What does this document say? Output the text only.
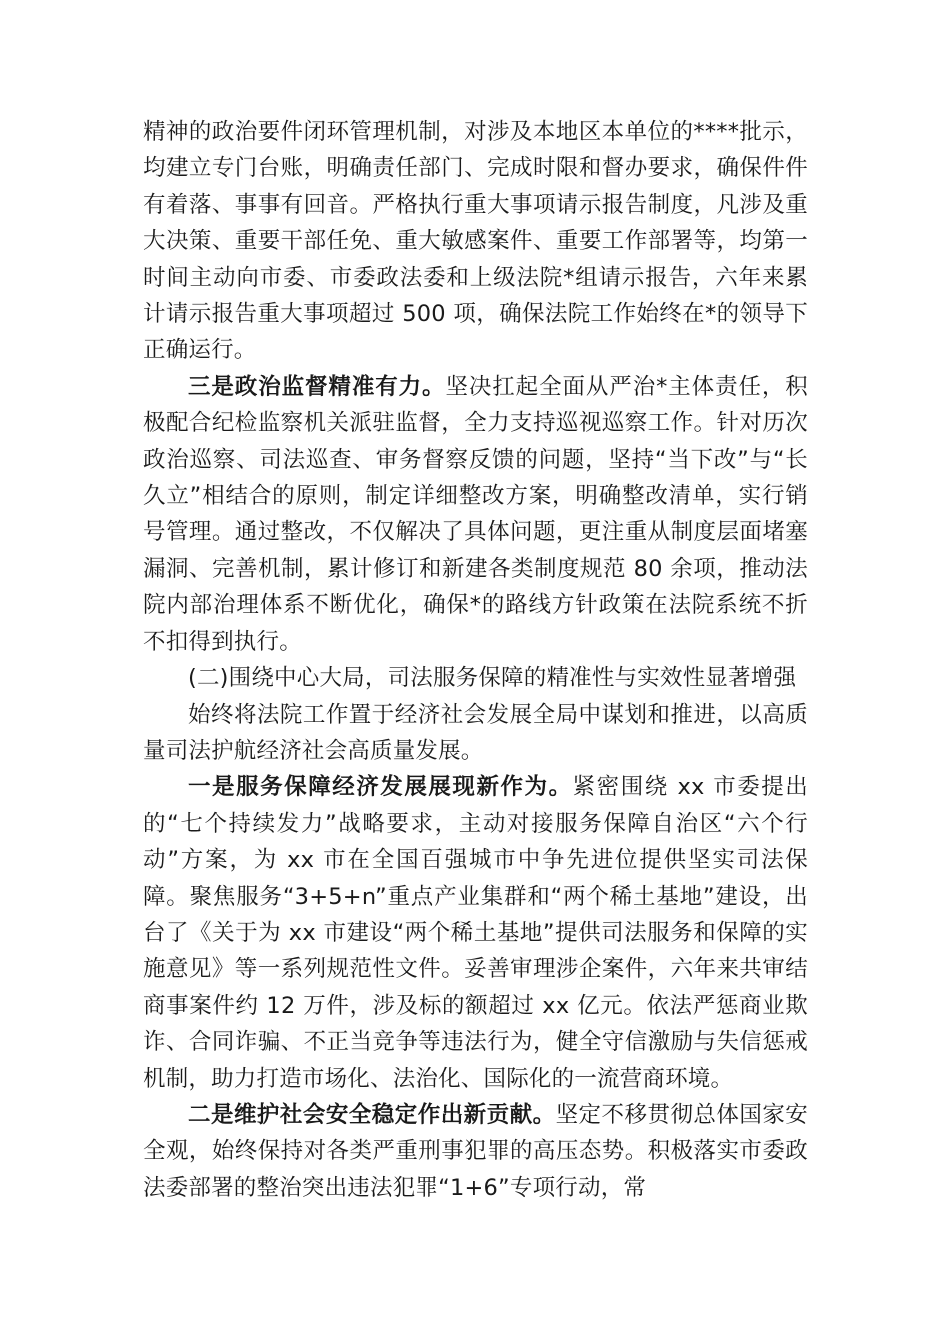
精神的政治要件闭环管理机制，对涉及本地区本单位的****批示，均建立专门台账，明确责任部门、完成时限和督办要求，确保件件有着落、事事有回音。严格执行重大事项请示报告制度，凡涉及重大决策、重要干部任免、重大敏感案件、重要工作部署等，均第一时间主动向市委、市委政法委和上级法院*组请示报告，六年来累计请示报告重大事项超过 500 项，确保法院工作始终在*的领导下正确运行。

三是政治监督精准有力。坚决扛起全面从严治*主体责任，积极配合纪检监察机关派驻监督，全力支持巡视巡察工作。针对历次政治巡察、司法巡查、审务督察反馈的问题，坚持“当下改”与“长久立”相结合的原则，制定详细整改方案，明确整改清单，实行销号管理。通过整改，不仅解决了具体问题，更注重从制度层面堵塞漏洞、完善机制，累计修订和新建各类制度规范 80 余项，推动法院内部治理体系不断优化，确保*的路线方针政策在法院系统不折不扣得到执行。

(二)围绕中心大局，司法服务保障的精准性与实效性显著增强

始终将法院工作置于经济社会发展全局中谋划和推进，以高质量司法护航经济社会高质量发展。

一是服务保障经济发展展现新作为。紧密围绕 xx 市委提出的“七个持续发力”战略要求，主动对接服务保障自治区“六个行动”方案，为 xx 市在全国百强城市中争先进位提供坚实司法保障。聚焦服务“3+5+n”重点产业集群和“两个稀土基地”建设，出台了《关于为 xx 市建设“两个稀土基地”提供司法服务和保障的实施意见》等一系列规范性文件。妥善审理涉企案件，六年来共审结商事案件约 12 万件，涉及标的额超过 xx 亿元。依法严惩商业欺诈、合同诈骗、不正当竞争等违法行为，健全守信激励与失信惩戒机制，助力打造市场化、法治化、国际化的一流营商环境。

二是维护社会安全稳定作出新贡献。坚定不移贯彻总体国家安全观，始终保持对各类严重刑事犯罪的高压态势。积极落实市委政法委部署的整治突出违法犯罪“1+6”专项行动，常
